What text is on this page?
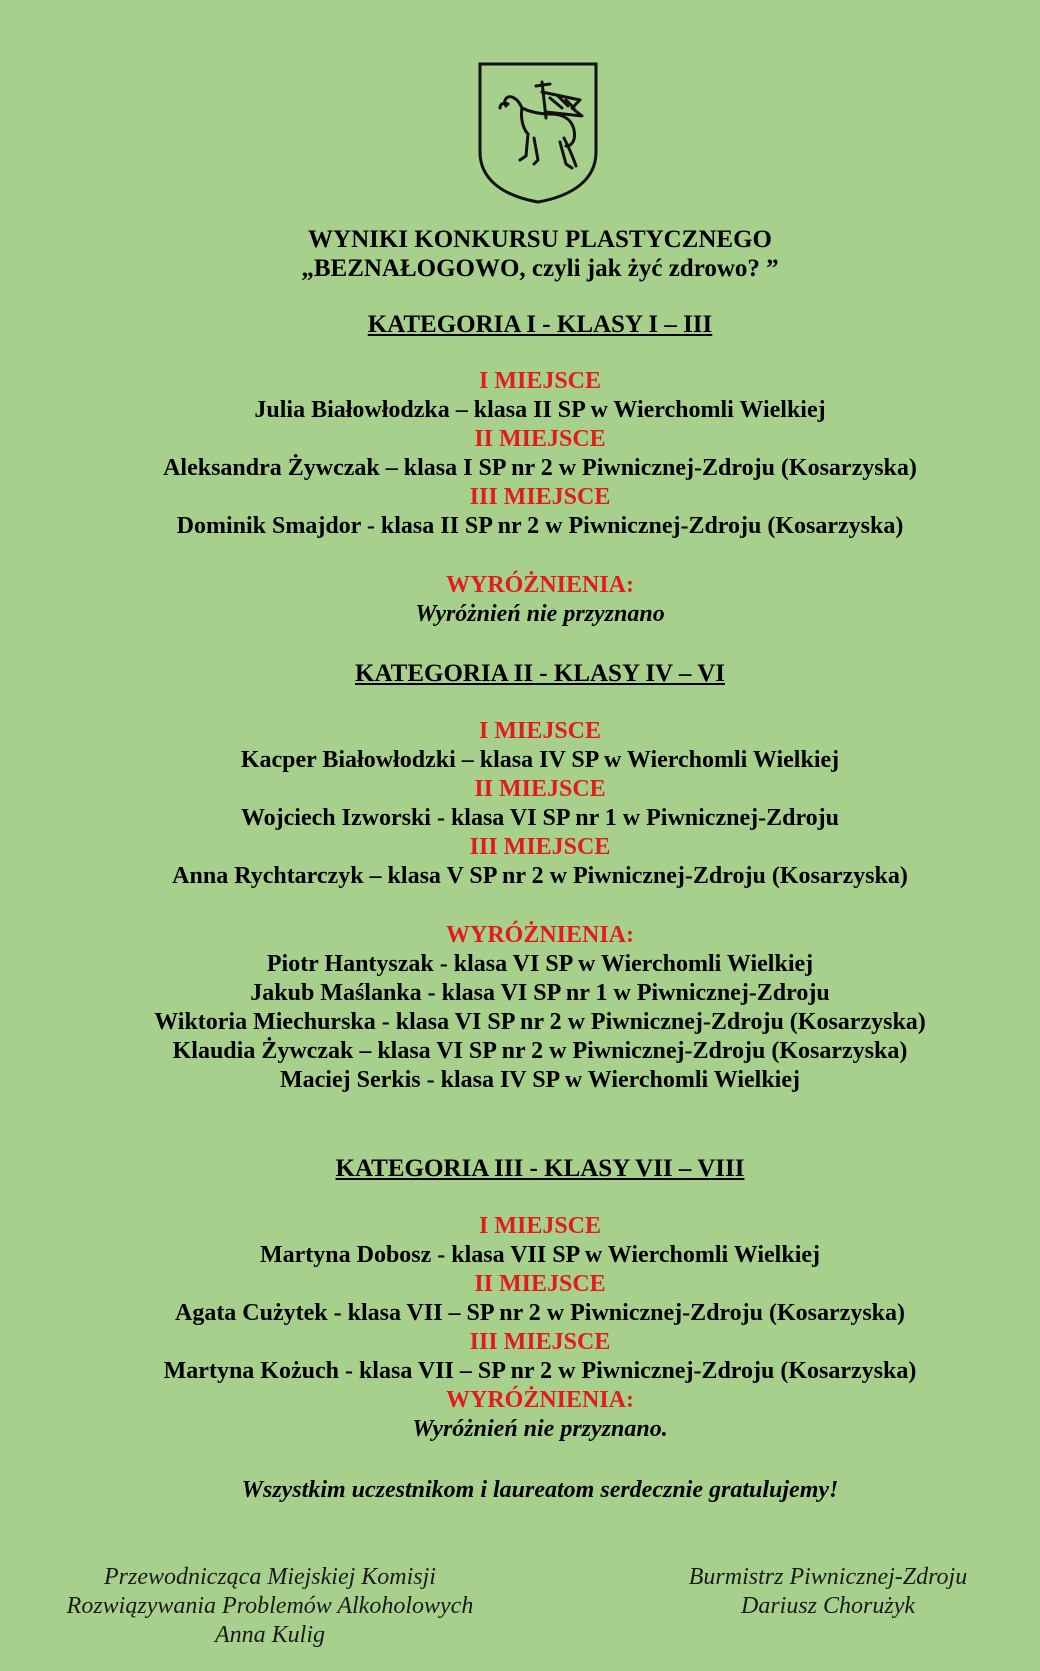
WYNIKI KONKURSU PLASTYCZNEGO
„BEZNAŁOGOWO, czyli jak żyć zdrowo? ”
KATEGORIA I - KLASY I – III
I MIEJSCE
Julia Białowłodzka – klasa II SP w Wierchomli Wielkiej
II MIEJSCE
Aleksandra Żywczak – klasa I SP nr 2 w Piwnicznej-Zdroju (Kosarzyska)
III MIEJSCE
Dominik Smajdor - klasa II SP nr 2 w Piwnicznej-Zdroju (Kosarzyska)
WYRÓŻNIENIA:
Wyróżnień nie przyznano
KATEGORIA II - KLASY IV – VI
I MIEJSCE
Kacper Białowłodzki – klasa IV SP w Wierchomli Wielkiej
II MIEJSCE
Wojciech Izworski - klasa VI SP nr 1 w Piwnicznej-Zdroju
III MIEJSCE
Anna Rychtarczyk – klasa V SP nr 2 w Piwnicznej-Zdroju (Kosarzyska)
WYRÓŻNIENIA:
Piotr Hantyszak - klasa VI SP w Wierchomli Wielkiej
Jakub Maślanka - klasa VI SP nr 1 w Piwnicznej-Zdroju
Wiktoria Miechurska - klasa VI SP nr 2 w Piwnicznej-Zdroju (Kosarzyska)
Klaudia Żywczak – klasa VI SP nr 2 w Piwnicznej-Zdroju (Kosarzyska)
Maciej Serkis - klasa IV SP w Wierchomli Wielkiej
KATEGORIA III - KLASY VII – VIII
I MIEJSCE
Martyna Dobosz - klasa VII SP w Wierchomli Wielkiej
II MIEJSCE
Agata Cużytek - klasa VII – SP nr 2 w Piwnicznej-Zdroju (Kosarzyska)
III MIEJSCE
Martyna Kożuch - klasa VII – SP nr 2 w Piwnicznej-Zdroju (Kosarzyska)
WYRÓŻNIENIA:
Wyróżnień nie przyznano.
Wszystkim uczestnikom i laureatom serdecznie gratulujemy!
Przewodnicząca Miejskiej Komisji
Rozwiązywania Problemów Alkoholowych
Anna Kulig
Burmistrz Piwnicznej-Zdroju
Dariusz Chorużyk
